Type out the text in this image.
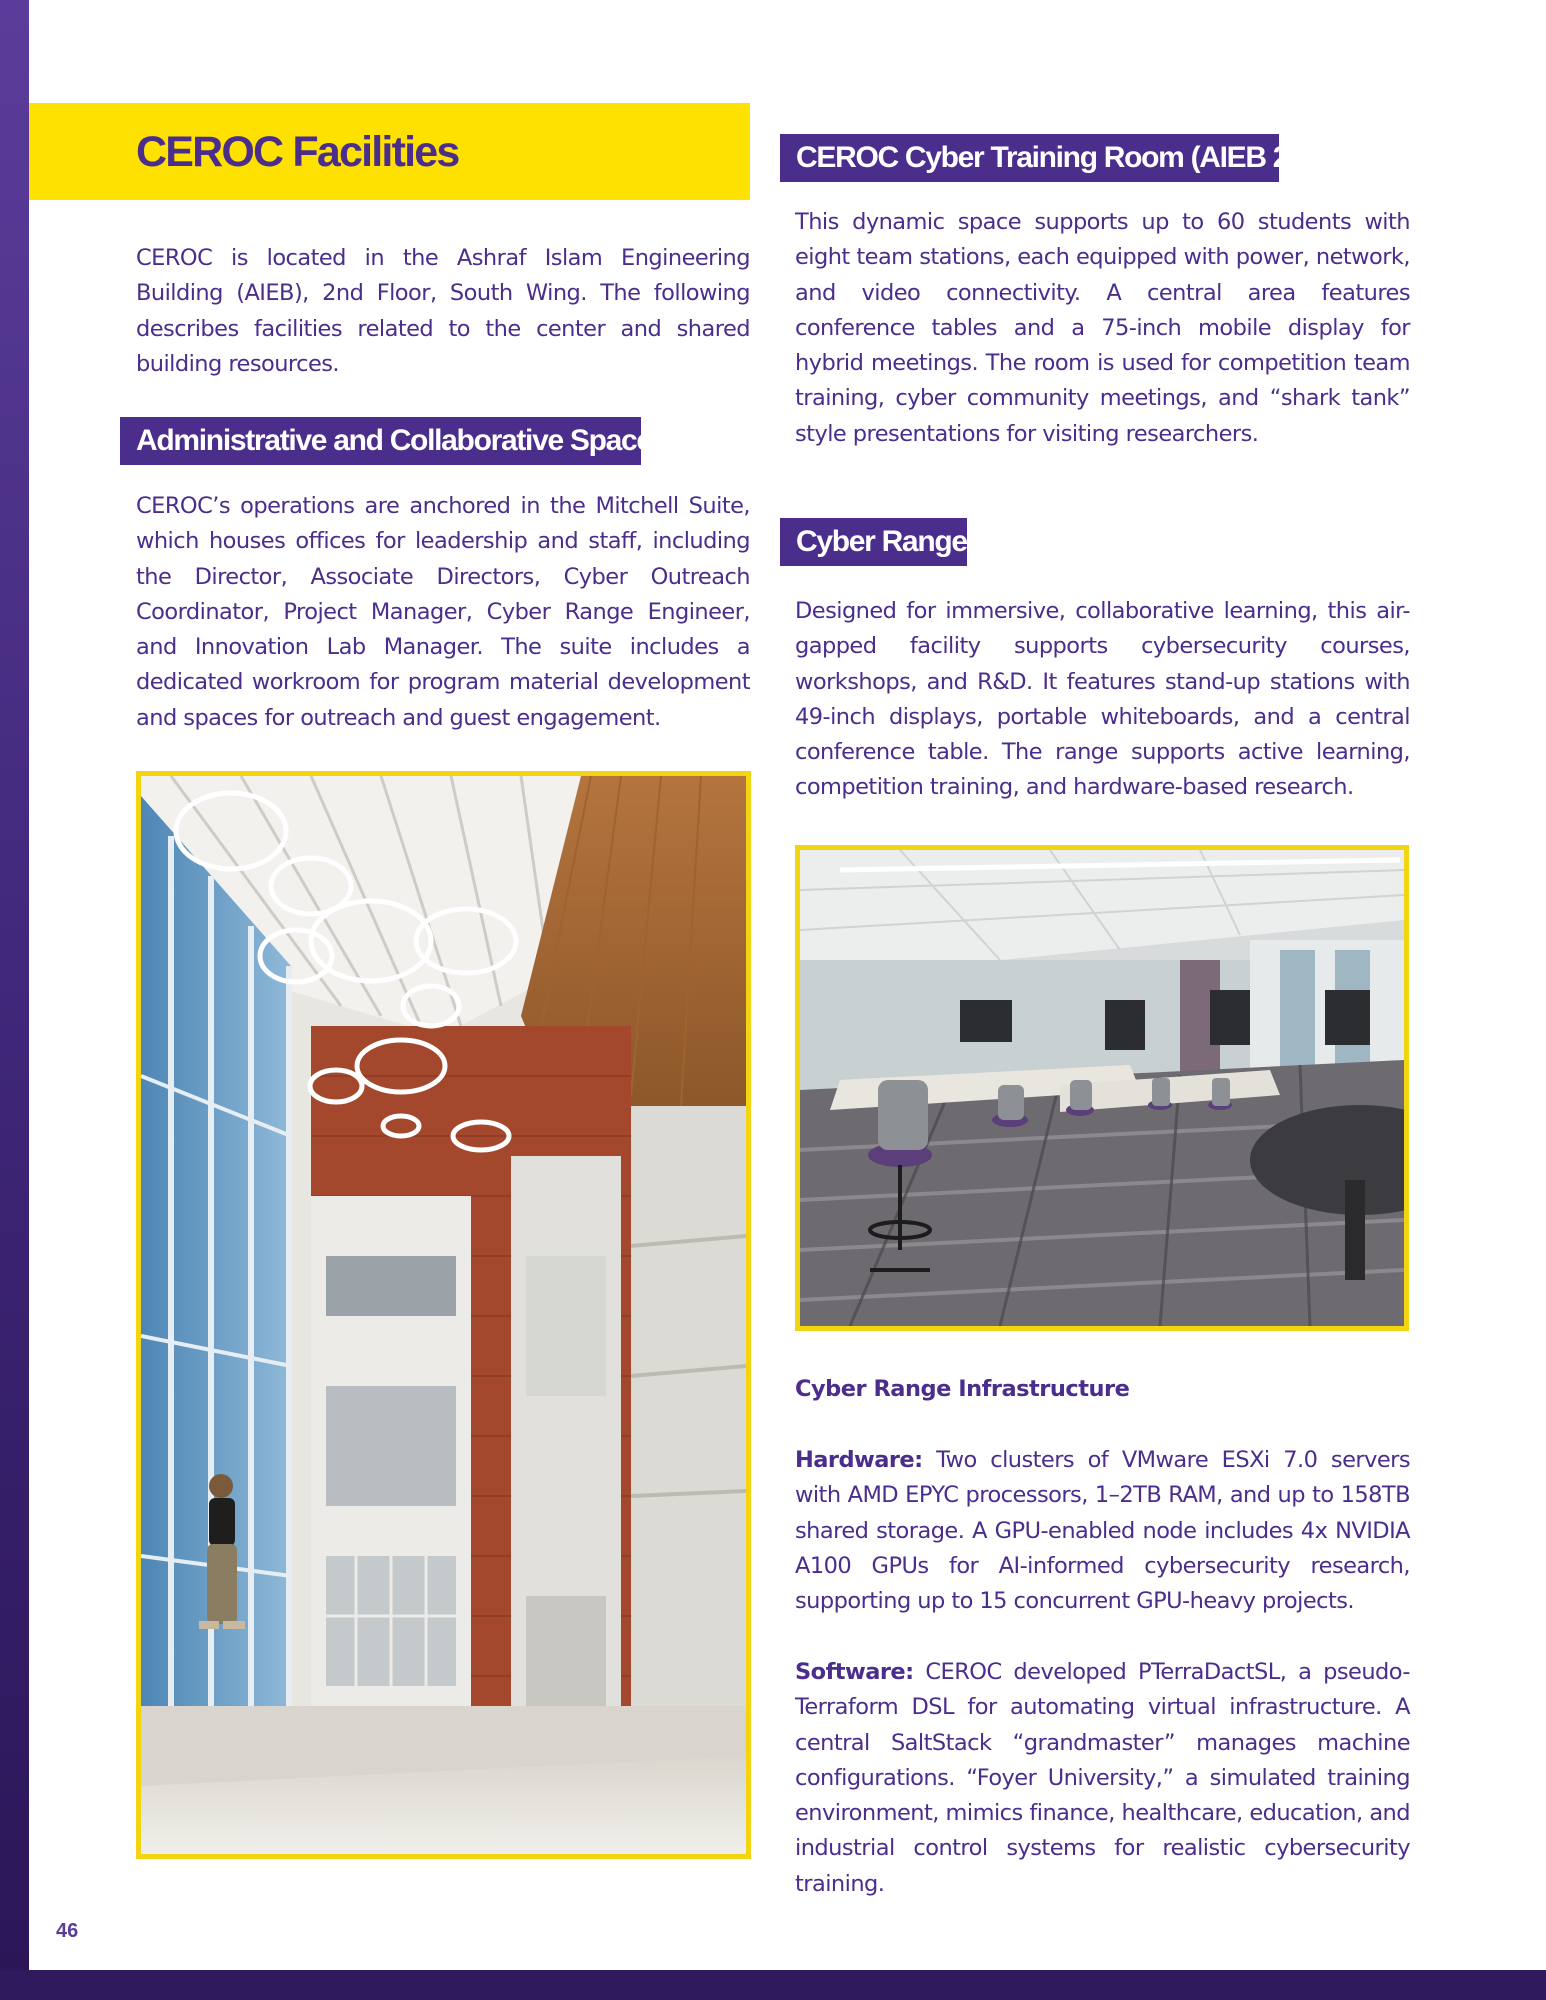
CEROC Facilities

CEROC is located in the Ashraf Islam Engineering Building (AIEB), 2nd Floor, South Wing. The following describes facilities related to the center and shared building resources.

Administrative and Collaborative Spaces

CEROC’s operations are anchored in the Mitchell Suite, which houses offices for leadership and staff, including the Director, Associate Directors, Cyber Outreach Coordinator, Project Manager, Cyber Range Engineer, and Innovation Lab Manager. The suite includes a dedicated workroom for program material development and spaces for outreach and guest engagement.

CEROC Cyber Training Room (AIEB 203)

This dynamic space supports up to 60 students with eight team stations, each equipped with power, network, and video connectivity. A central area features conference tables and a 75-inch mobile display for hybrid meetings. The room is used for competition team training, cyber community meetings, and “shark tank” style presentations for visiting researchers.

Cyber Range

Designed for immersive, collaborative learning, this air-gapped facility supports cybersecurity courses, workshops, and R&D. It features stand-up stations with 49-inch displays, portable whiteboards, and a central conference table. The range supports active learning, competition training, and hardware-based research.

Cyber Range Infrastructure

Hardware: Two clusters of VMware ESXi 7.0 servers with AMD EPYC processors, 1–2TB RAM, and up to 158TB shared storage. A GPU-enabled node includes 4x NVIDIA A100 GPUs for AI-informed cybersecurity research, supporting up to 15 concurrent GPU-heavy projects.

Software: CEROC developed PTerraDactSL, a pseudo-Terraform DSL for automating virtual infrastructure. A central SaltStack “grandmaster” manages machine configurations. “Foyer University,” a simulated training environment, mimics finance, healthcare, education, and industrial control systems for realistic cybersecurity training.

46
